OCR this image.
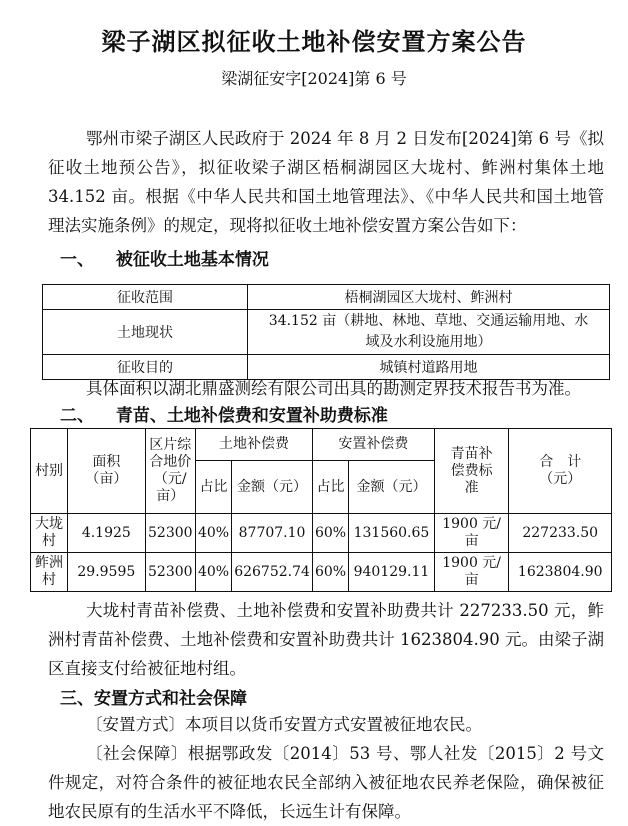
梁子湖区拟征收土地补偿安置方案公告
梁湖征安字[2024]第 6 号
鄂州市梁子湖区人民政府于 2024 年 8 月 2 日发布[2024]第 6 号《拟征收土地预公告》，拟征收梁子湖区梧桐湖园区大垅村、鲊洲村集体土地 34.152 亩。根据《中华人民共和国土地管理法》、《中华人民共和国土地管理法实施条例》的规定，现将拟征收土地补偿安置方案公告如下：
一、 被征收土地基本情况
征收范围	梧桐湖园区大垅村、鲊洲村
土地现状	34.152 亩（耕地、林地、草地、交通运输用地、水域及水利设施用地）
征收目的	城镇村道路用地
具体面积以湖北鼎盛测绘有限公司出具的勘测定界技术报告书为准。
二、 青苗、土地补偿费和安置补助费标准
村别	面积（亩）	区片综合地价（元/亩）	土地补偿费		安置补偿费		青苗补偿费标准	合　计（元）
			占比	金额（元）	占比	金额（元）		
大垅村	4.1925	52300	40%	87707.10	60%	131560.65	1900 元/亩	227233.50
鲊洲村	29.9595	52300	40%	626752.74	60%	940129.11	1900 元/亩	1623804.90
大垅村青苗补偿费、土地补偿费和安置补助费共计 227233.50 元，鲊洲村青苗补偿费、土地补偿费和安置补助费共计 1623804.90 元。由梁子湖区直接支付给被征地村组。
三、安置方式和社会保障
〔安置方式〕本项目以货币安置方式安置被征地农民。
〔社会保障〕根据鄂政发〔2014〕53 号、鄂人社发〔2015〕2 号文件规定，对符合条件的被征地农民全部纳入被征地农民养老保险，确保被征地农民原有的生活水平不降低，长远生计有保障。
